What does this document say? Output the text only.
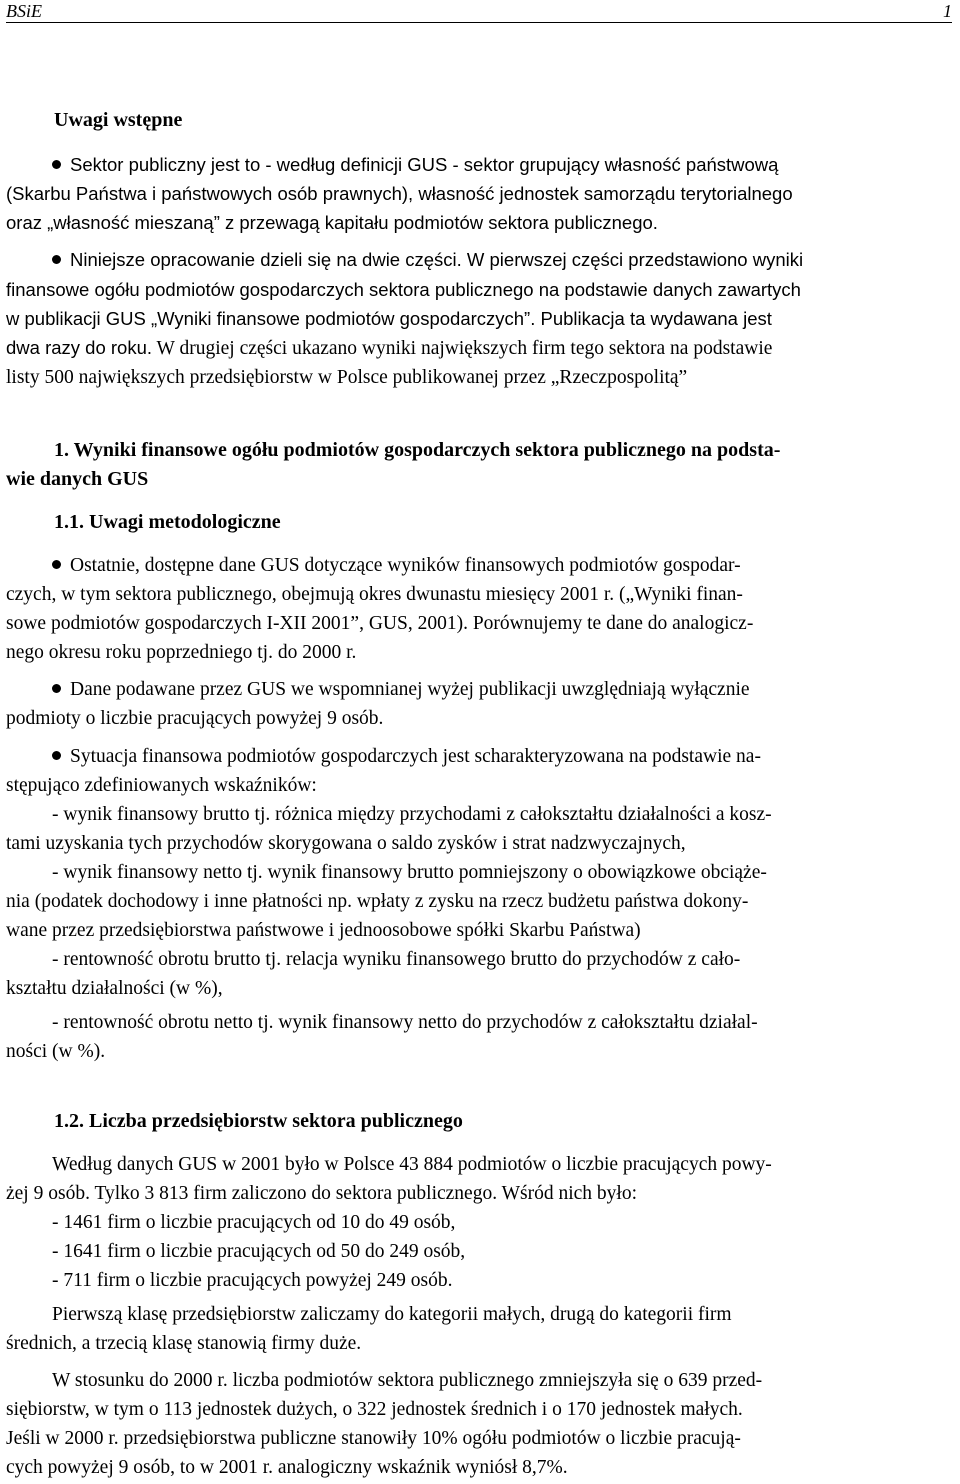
BSiE	1
Uwagi wstępne
Sektor publiczny jest to - według definicji GUS - sektor grupujący własność państwową
(Skarbu Państwa i państwowych osób prawnych), własność jednostek samorządu terytorialnego
oraz „własność mieszaną” z przewagą kapitału podmiotów sektora publicznego.
Niniejsze opracowanie dzieli się na dwie części. W pierwszej części przedstawiono wyniki
finansowe ogółu podmiotów gospodarczych sektora publicznego na podstawie danych zawartych
w publikacji GUS „Wyniki finansowe podmiotów gospodarczych”. Publikacja ta wydawana jest
dwa razy do roku. W drugiej części ukazano wyniki największych firm tego sektora na podstawie
listy 500 największych przedsiębiorstw w Polsce publikowanej przez „Rzeczpospolitą”
1. Wyniki finansowe ogółu podmiotów gospodarczych sektora publicznego na podsta-
wie danych GUS
1.1. Uwagi metodologiczne
Ostatnie, dostępne dane GUS dotyczące wyników finansowych podmiotów gospodar-
czych, w tym sektora publicznego, obejmują okres dwunastu miesięcy 2001 r. („Wyniki finan-
sowe podmiotów gospodarczych I-XII 2001”, GUS, 2001). Porównujemy te dane do analogicz-
nego okresu roku poprzedniego tj. do 2000 r.
Dane podawane przez GUS we wspomnianej wyżej publikacji uwzględniają wyłącznie
podmioty o liczbie pracujących powyżej 9 osób.
Sytuacja finansowa podmiotów gospodarczych jest scharakteryzowana na podstawie na-
stępująco zdefiniowanych wskaźników:
- wynik finansowy brutto tj. różnica między przychodami z całokształtu działalności a kosz-
tami uzyskania tych przychodów skorygowana o saldo zysków i strat nadzwyczajnych,
- wynik finansowy netto tj. wynik finansowy brutto pomniejszony o obowiązkowe obciąże-
nia (podatek dochodowy i inne płatności np. wpłaty z zysku na rzecz budżetu państwa dokony-
wane przez przedsiębiorstwa państwowe i jednoosobowe spółki Skarbu Państwa)
- rentowność obrotu brutto tj. relacja wyniku finansowego brutto do przychodów z cało-
kształtu działalności (w %),
- rentowność obrotu netto tj. wynik finansowy netto do przychodów z całokształtu działal-
ności (w %).
1.2. Liczba przedsiębiorstw sektora publicznego
Według danych GUS w 2001 było w Polsce 43 884 podmiotów o liczbie pracujących powy-
żej 9 osób. Tylko 3 813 firm zaliczono do sektora publicznego. Wśród nich było:
- 1461 firm o liczbie pracujących od 10 do 49 osób,
- 1641 firm o liczbie pracujących od 50 do 249 osób,
- 711 firm o liczbie pracujących powyżej 249 osób.
Pierwszą klasę przedsiębiorstw zaliczamy do kategorii małych, drugą do kategorii firm
średnich, a trzecią klasę stanowią firmy duże.
W stosunku do 2000 r. liczba podmiotów sektora publicznego zmniejszyła się o 639 przed-
siębiorstw, w tym o 113 jednostek dużych, o 322 jednostek średnich i o 170 jednostek małych.
Jeśli w 2000 r. przedsiębiorstwa publiczne stanowiły 10% ogółu podmiotów o liczbie pracują-
cych powyżej 9 osób, to w 2001 r. analogiczny wskaźnik wyniósł 8,7%.
